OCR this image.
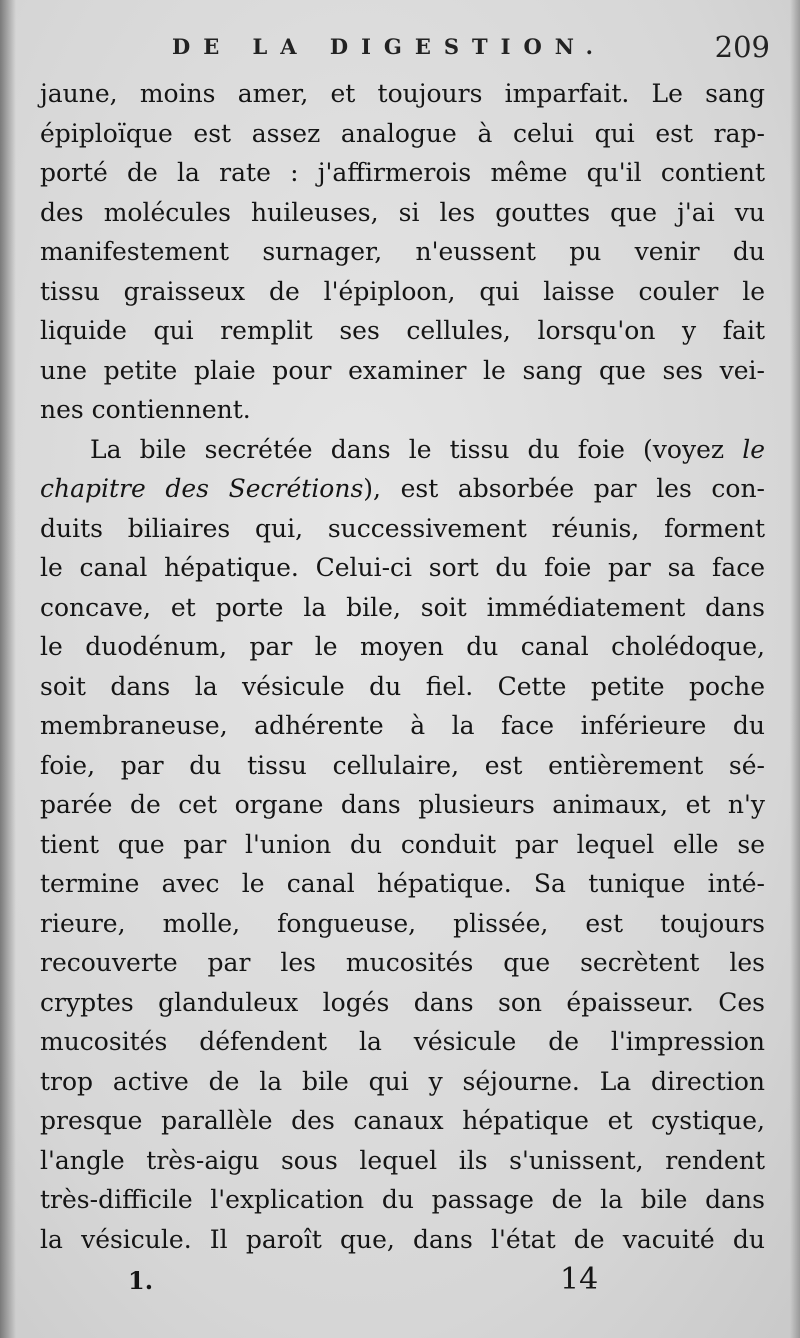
DE LA DIGESTION.	209
jaune, moins amer, et toujours imparfait. Le sang
épiploïque est assez analogue à celui qui est rap-
porté de la rate : j'affirmerois même qu'il contient
des molécules huileuses, si les gouttes que j'ai vu
manifestement surnager, n'eussent pu venir du
tissu graisseux de l'épiploon, qui laisse couler le
liquide qui remplit ses cellules, lorsqu'on y fait
une petite plaie pour examiner le sang que ses vei-
nes contiennent.
La bile secrétée dans le tissu du foie (voyez le
chapitre des Secrétions), est absorbée par les con-
duits biliaires qui, successivement réunis, forment
le canal hépatique. Celui-ci sort du foie par sa face
concave, et porte la bile, soit immédiatement dans
le duodénum, par le moyen du canal cholédoque,
soit dans la vésicule du fiel. Cette petite poche
membraneuse, adhérente à la face inférieure du
foie, par du tissu cellulaire, est entièrement sé-
parée de cet organe dans plusieurs animaux, et n'y
tient que par l'union du conduit par lequel elle se
termine avec le canal hépatique. Sa tunique inté-
rieure, molle, fongueuse, plissée, est toujours
recouverte par les mucosités que secrètent les
cryptes glanduleux logés dans son épaisseur. Ces
mucosités défendent la vésicule de l'impression
trop active de la bile qui y séjourne. La direction
presque parallèle des canaux hépatique et cystique,
l'angle très-aigu sous lequel ils s'unissent, rendent
très-difficile l'explication du passage de la bile dans
la vésicule. Il paroît que, dans l'état de vacuité du
1.	14
